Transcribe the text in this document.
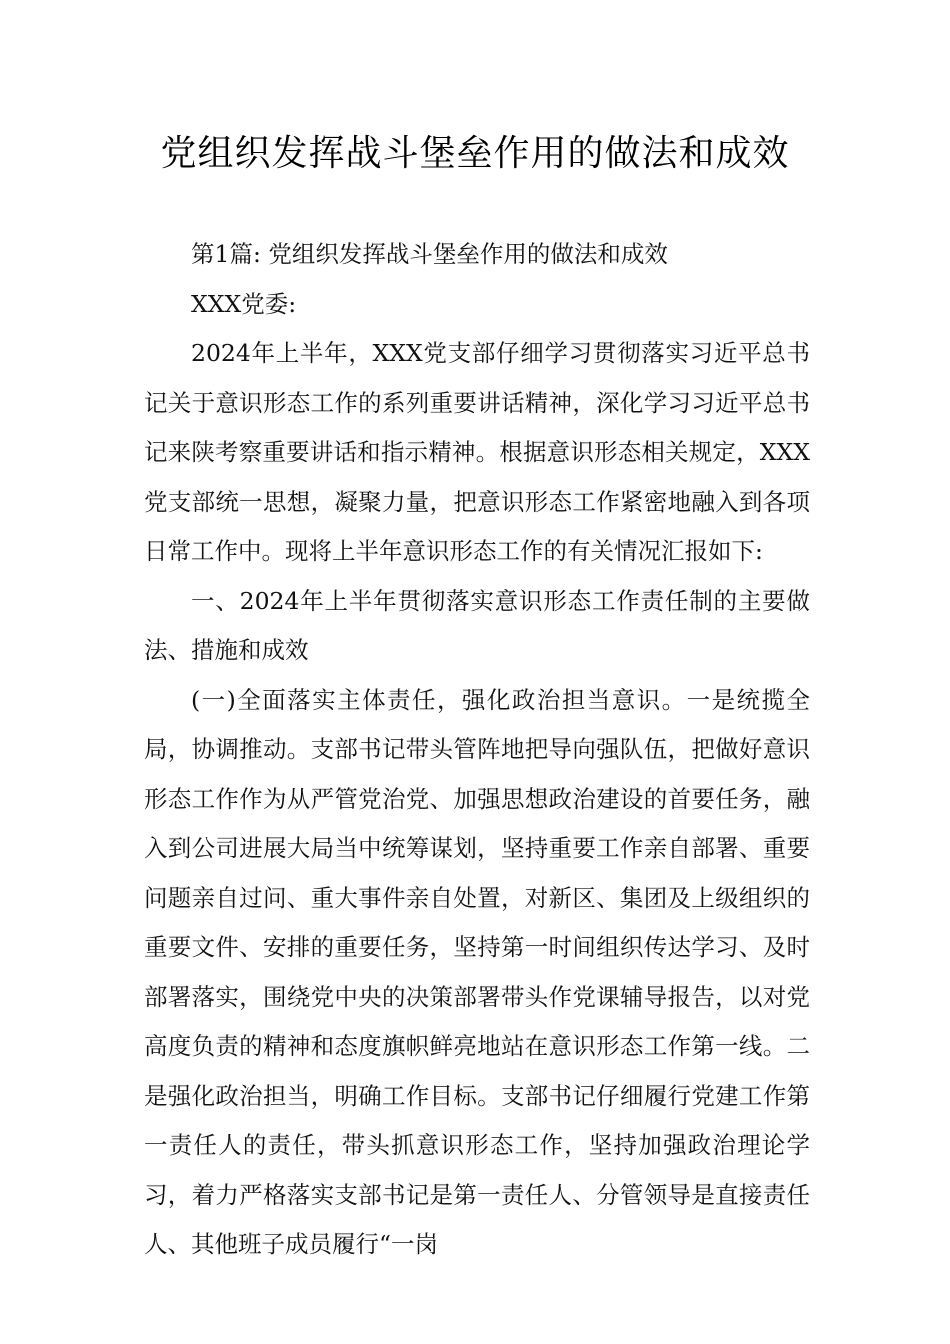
党组织发挥战斗堡垒作用的做法和成效

第1篇: 党组织发挥战斗堡垒作用的做法和成效

XXX党委:

2024年上半年，XXX党支部仔细学习贯彻落实习近平总书记关于意识形态工作的系列重要讲话精神，深化学习习近平总书记来陕考察重要讲话和指示精神。根据意识形态相关规定，XXX党支部统一思想，凝聚力量，把意识形态工作紧密地融入到各项日常工作中。现将上半年意识形态工作的有关情况汇报如下:

一、2024年上半年贯彻落实意识形态工作责任制的主要做法、措施和成效

(一)全面落实主体责任，强化政治担当意识。一是统揽全局，协调推动。支部书记带头管阵地把导向强队伍，把做好意识形态工作作为从严管党治党、加强思想政治建设的首要任务，融入到公司进展大局当中统筹谋划，坚持重要工作亲自部署、重要问题亲自过问、重大事件亲自处置，对新区、集团及上级组织的重要文件、安排的重要任务，坚持第一时间组织传达学习、及时部署落实，围绕党中央的决策部署带头作党课辅导报告，以对党高度负责的精神和态度旗帜鲜亮地站在意识形态工作第一线。二是强化政治担当，明确工作目标。支部书记仔细履行党建工作第一责任人的责任，带头抓意识形态工作，坚持加强政治理论学习，着力严格落实支部书记是第一责任人、分管领导是直接责任人、其他班子成员履行“一岗
